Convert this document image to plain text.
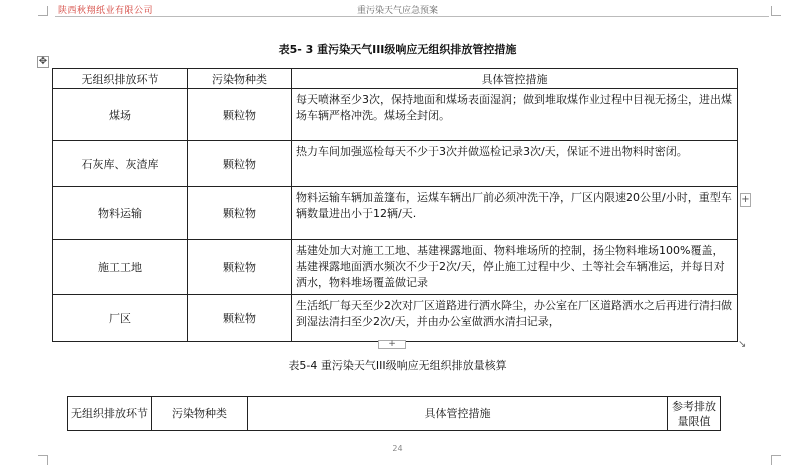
陕西秋翔纸业有限公司	重污染天气应急预案
表5- 3 重污染天气III级响应无组织排放管控措施
✥
无组织排放环节	污染物种类	具体管控措施
煤场	颗粒物	每天喷淋至少3次，保持地面和煤场表面湿润；做到堆取煤作业过程中目视无扬尘，进出煤场车辆严格冲洗。煤场全封闭。
石灰库、灰渣库	颗粒物	热力车间加强巡检每天不少于3次并做巡检记录3次/天，保证不进出物料时密闭。
物料运输	颗粒物	物料运输车辆加盖篷布，运煤车辆出厂前必须冲洗干净，厂区内限速20公里/小时，重型车辆数量进出小于12辆/天.
施工工地	颗粒物	基建处加大对施工工地、基建裸露地面、物料堆场所的控制，扬尘物料堆场100%覆盖，基建裸露地面洒水频次不少于2次/天，停止施工过程中少、土等社会车辆准运，并每日对洒水，物料堆场覆盖做记录
厂区	颗粒物	生活纸厂每天至少2次对厂区道路进行洒水降尘，办公室在厂区道路洒水之后再进行清扫做到湿法清扫至少2次/天，并由办公室做洒水清扫记录，
+
+	↘
表5-4 重污染天气III级响应无组织排放量核算
无组织排放环节	污染物种类	具体管控措施	参考排放量限值
24
